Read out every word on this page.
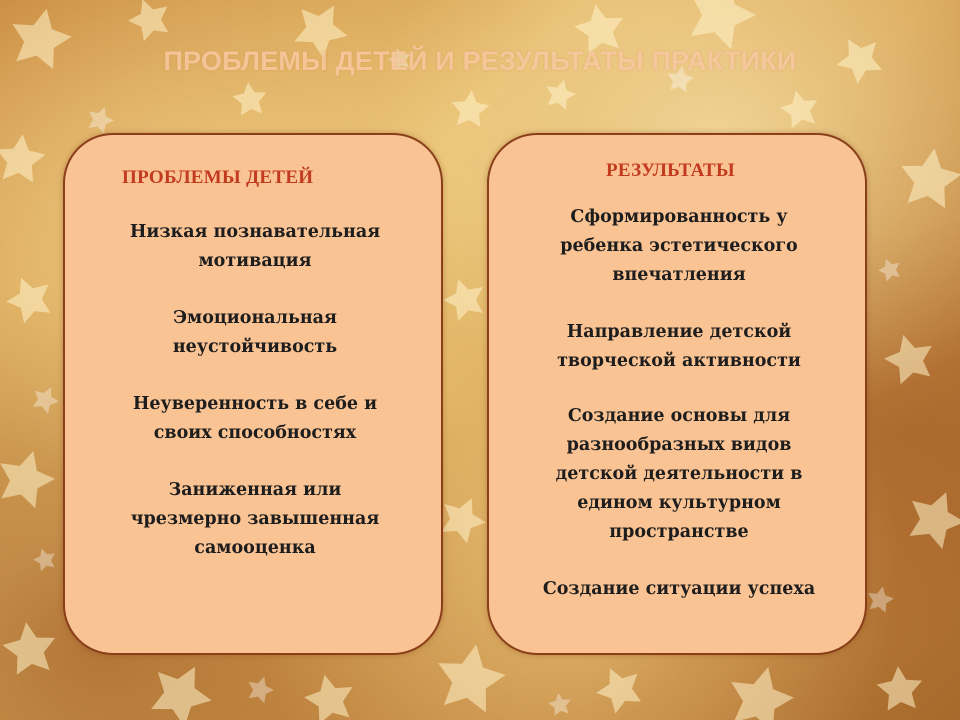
ПРОБЛЕМЫ ДЕТЕЙ И РЕЗУЛЬТАТЫ ПРАКТИКИ
ПРОБЛЕМЫ ДЕТЕЙ
Низкая познавательная
мотивация
Эмоциональная
неустойчивость
Неуверенность в себе и
своих способностях
Заниженная или
чрезмерно завышенная
самооценка
РЕЗУЛЬТАТЫ
Сформированность у
ребенка эстетического
впечатления
Направление детской
творческой активности
Создание основы для
разнообразных видов
детской деятельности в
едином культурном
пространстве
Создание ситуации успеха
